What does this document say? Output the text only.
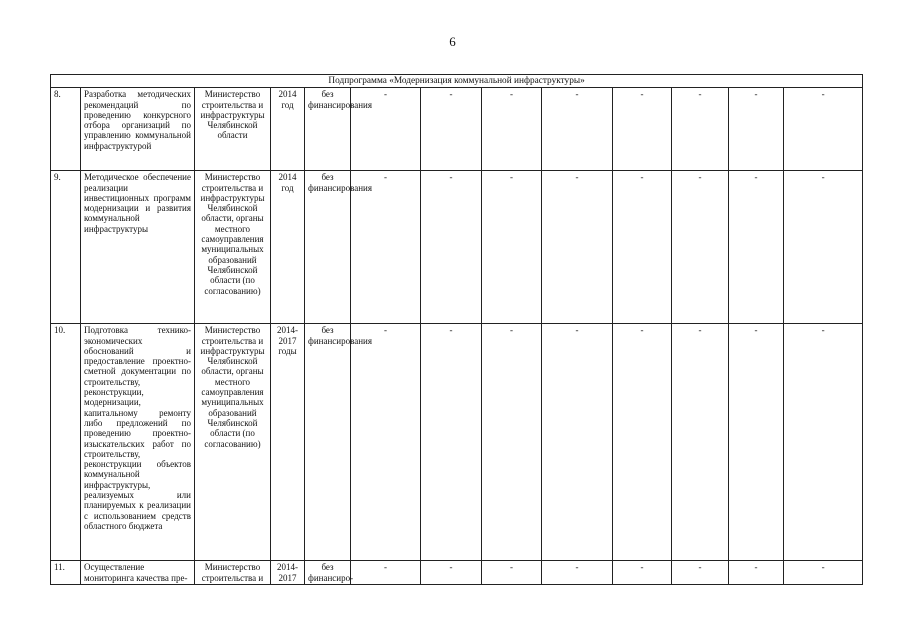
6
Подпрограмма «Модернизация коммунальной инфраструктуры»												
8.	Разработка методических рекомендаций по проведению конкурсного отбора организаций по управлению коммунальной инфраструктурой	Министерство строительства и инфраструктуры Челябинской области	2014 год	без финансирования	-	-	-	-	-	-	-	-
9.	Методическое обеспечение реализации инвестиционных программ модернизации и развития коммунальной инфраструктуры	Министерство строительства и инфраструктуры Челябинской области, органы местного самоуправления муниципальных образований Челябинской области (по согласованию)	2014 год	без финансирования	-	-	-	-	-	-	-	-
10.	Подготовка технико-экономических обоснований и предоставление проектно-сметной документации по строительству, реконструкции, модернизации, капитальному ремонту либо предложений по проведению проектно-изыскательских работ по строительству, реконструкции объектов коммунальной инфраструктуры, реализуемых или планируемых к реализации с использованием средств областного бюджета	Министерство строительства и инфраструктуры Челябинской области, органы местного самоуправления муниципальных образований Челябинской области (по согласованию)	2014-2017 годы	без финансирования	-	-	-	-	-	-	-	-
11.	Осуществление мониторинга качества пре-	Министерство строительства и	2014-2017	без финансиро-	-	-	-	-	-	-	-	-
